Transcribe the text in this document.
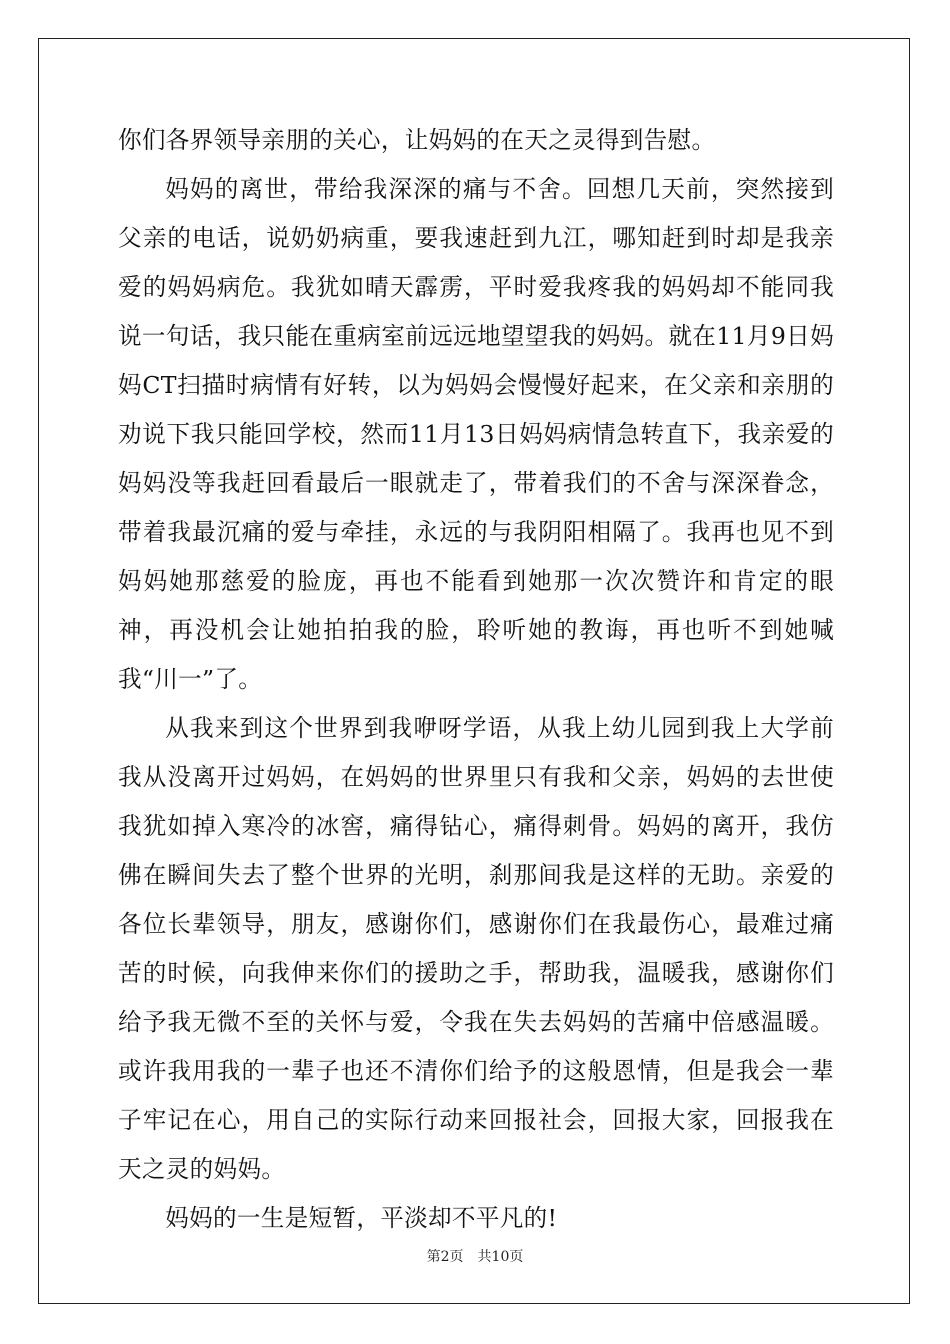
你们各界领导亲朋的关心，让妈妈的在天之灵得到告慰。

妈妈的离世，带给我深深的痛与不舍。回想几天前，突然接到父亲的电话，说奶奶病重，要我速赶到九江，哪知赶到时却是我亲爱的妈妈病危。我犹如晴天霹雳，平时爱我疼我的妈妈却不能同我说一句话，我只能在重病室前远远地望望我的妈妈。就在11月9日妈妈CT扫描时病情有好转，以为妈妈会慢慢好起来，在父亲和亲朋的劝说下我只能回学校，然而11月13日妈妈病情急转直下，我亲爱的妈妈没等我赶回看最后一眼就走了，带着我们的不舍与深深眷念，带着我最沉痛的爱与牵挂，永远的与我阴阳相隔了。我再也见不到妈妈她那慈爱的脸庞，再也不能看到她那一次次赞许和肯定的眼神，再没机会让她拍拍我的脸，聆听她的教诲，再也听不到她喊我“川一”了。

从我来到这个世界到我咿呀学语，从我上幼儿园到我上大学前我从没离开过妈妈，在妈妈的世界里只有我和父亲，妈妈的去世使我犹如掉入寒冷的冰窖，痛得钻心，痛得刺骨。妈妈的离开，我仿佛在瞬间失去了整个世界的光明，刹那间我是这样的无助。亲爱的各位长辈领导，朋友，感谢你们，感谢你们在我最伤心，最难过痛苦的时候，向我伸来你们的援助之手，帮助我，温暖我，感谢你们给予我无微不至的关怀与爱，令我在失去妈妈的苦痛中倍感温暖。或许我用我的一辈子也还不清你们给予的这般恩情，但是我会一辈子牢记在心，用自己的实际行动来回报社会，回报大家，回报我在天之灵的妈妈。

妈妈的一生是短暂，平淡却不平凡的!

第2页 共10页
